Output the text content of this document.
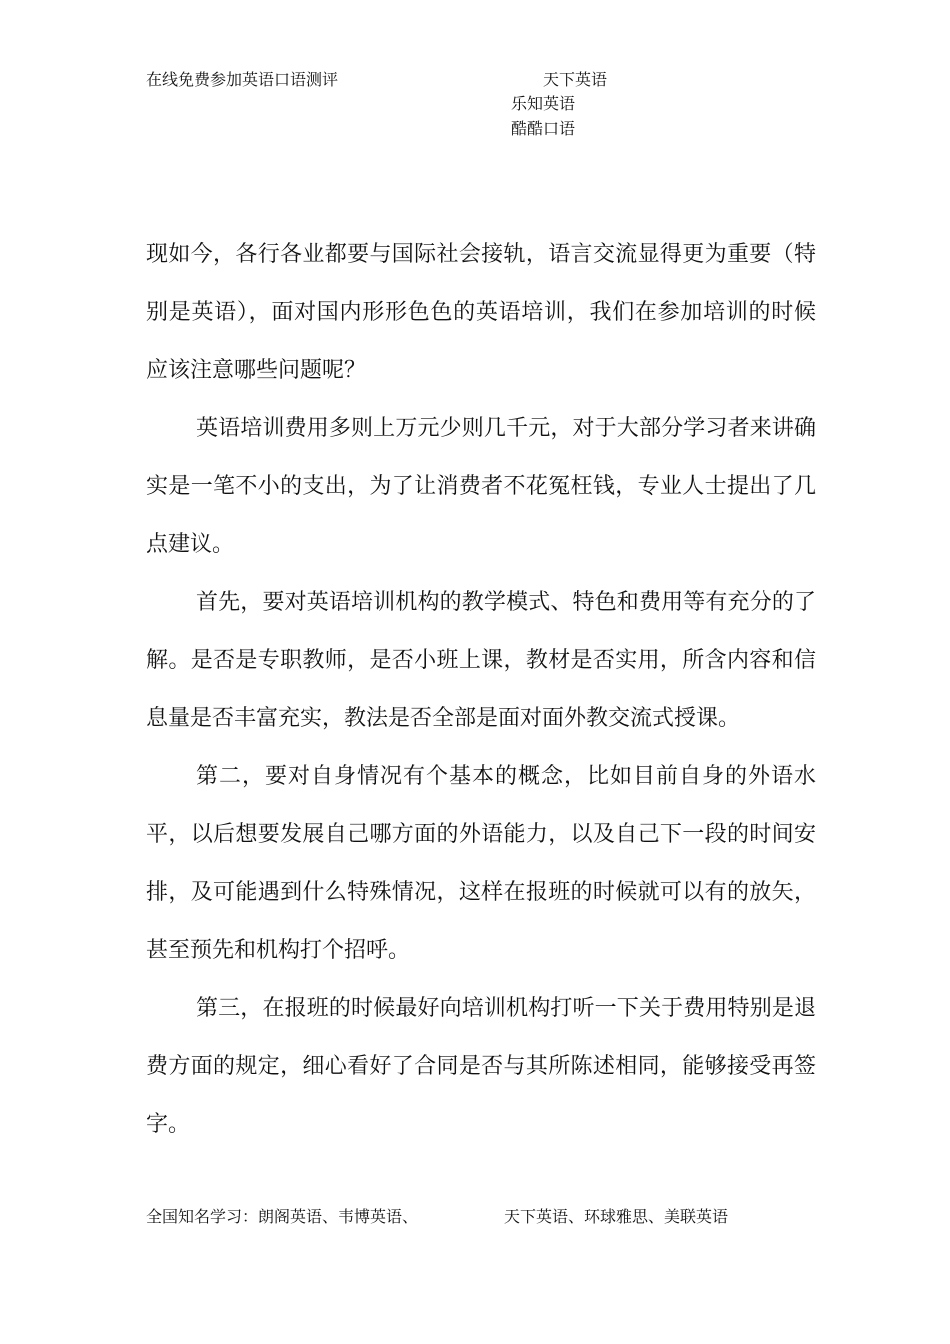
在线免费参加英语口语测评	天下英语
乐知英语
酷酷口语

现如今，各行各业都要与国际社会接轨，语言交流显得更为重要（特别是英语），面对国内形形色色的英语培训，我们在参加培训的时候应该注意哪些问题呢？

英语培训费用多则上万元少则几千元，对于大部分学习者来讲确实是一笔不小的支出，为了让消费者不花冤枉钱，专业人士提出了几点建议。

首先，要对英语培训机构的教学模式、特色和费用等有充分的了解。是否是专职教师，是否小班上课，教材是否实用，所含内容和信息量是否丰富充实，教法是否全部是面对面外教交流式授课。

第二，要对自身情况有个基本的概念，比如目前自身的外语水平，以后想要发展自己哪方面的外语能力，以及自己下一段的时间安排，及可能遇到什么特殊情况，这样在报班的时候就可以有的放矢，甚至预先和机构打个招呼。

第三，在报班的时候最好向培训机构打听一下关于费用特别是退费方面的规定，细心看好了合同是否与其所陈述相同，能够接受再签字。

全国知名学习：朗阁英语、韦博英语、	天下英语、环球雅思、美联英语
